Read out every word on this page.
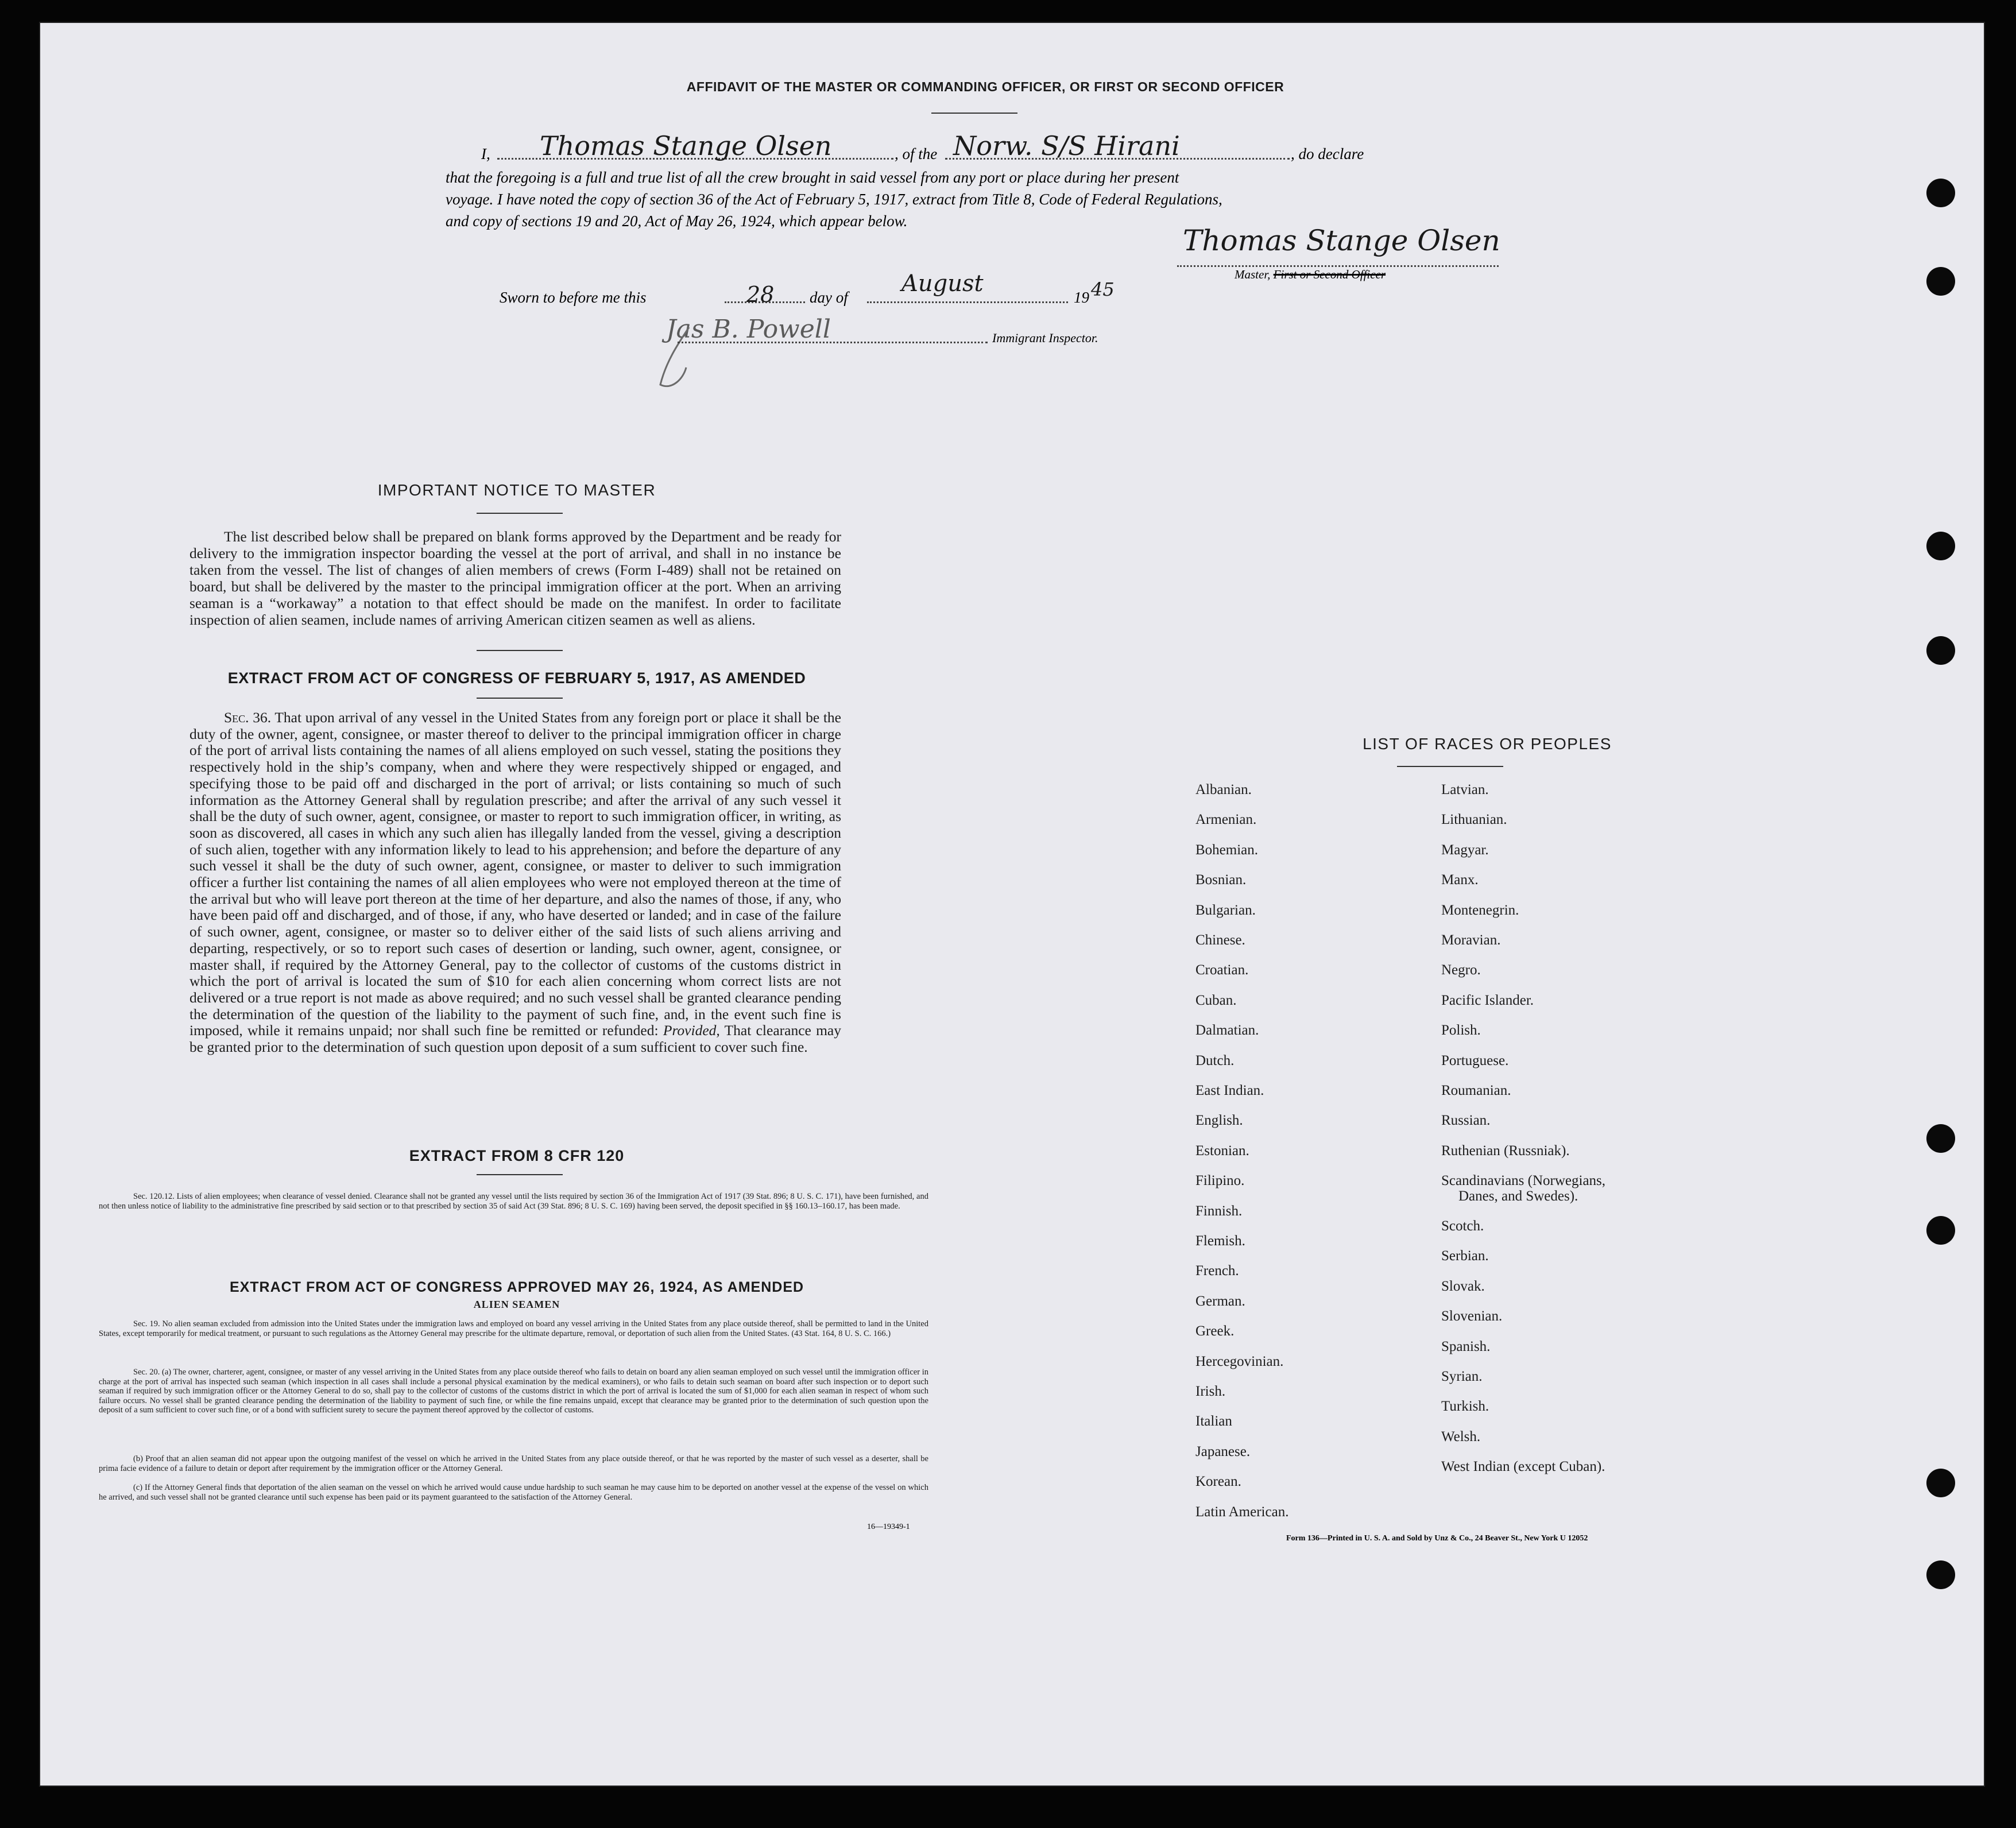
AFFIDAVIT OF THE MASTER OR COMMANDING OFFICER, OR FIRST OR SECOND OFFICER
I, Thomas Stange Olsen	, of the Norw. S/S Hirani	, do declare
that the foregoing is a full and true list of all the crew brought in said vessel from any port or place during her present
voyage. I have noted the copy of section 36 of the Act of February 5, 1917, extract from Title 8, Code of Federal Regulations,
and copy of sections 19 and 20, Act of May 26, 1924, which appear below.
Thomas Stange Olsen
Master, First or Second Officer
Sworn to before me this	28 day of
August
19 45
Jas B. Powell	Immigrant Inspector.
IMPORTANT NOTICE TO MASTER
The list described below shall be prepared on blank forms approved by the Department and be ready for delivery to the immigration inspector boarding the vessel at the port of arrival, and shall in no instance be taken from the vessel. The list of changes of alien members of crews (Form I-489) shall not be retained on board, but shall be delivered by the master to the principal immigration officer at the port. When an arriving seaman is a “workaway” a notation to that effect should be made on the manifest. In order to facilitate inspection of alien seamen, include names of arriving American citizen seamen as well as aliens.
EXTRACT FROM ACT OF CONGRESS OF FEBRUARY 5, 1917, AS AMENDED
Sec. 36. That upon arrival of any vessel in the United States from any foreign port or place it shall be the duty of the owner, agent, consignee, or master thereof to deliver to the principal immigration officer in charge of the port of arrival lists containing the names of all aliens employed on such vessel, stating the positions they respectively hold in the ship’s company, when and where they were respectively shipped or engaged, and specifying those to be paid off and discharged in the port of arrival; or lists containing so much of such information as the Attorney General shall by regulation prescribe; and after the arrival of any such vessel it shall be the duty of such owner, agent, consignee, or master to report to such immigration officer, in writing, as soon as discovered, all cases in which any such alien has illegally landed from the vessel, giving a description of such alien, together with any information likely to lead to his apprehension; and before the departure of any such vessel it shall be the duty of such owner, agent, consignee, or master to deliver to such immigration officer a further list containing the names of all alien employees who were not employed thereon at the time of the arrival but who will leave port thereon at the time of her departure, and also the names of those, if any, who have been paid off and discharged, and of those, if any, who have deserted or landed; and in case of the failure of such owner, agent, consignee, or master so to deliver either of the said lists of such aliens arriving and departing, respectively, or so to report such cases of desertion or landing, such owner, agent, consignee, or master shall, if required by the Attorney General, pay to the collector of customs of the customs district in which the port of arrival is located the sum of $10 for each alien concerning whom correct lists are not delivered or a true report is not made as above required; and no such vessel shall be granted clearance pending the determination of the question of the liability to the payment of such fine, and, in the event such fine is imposed, while it remains unpaid; nor shall such fine be remitted or refunded: Provided, That clearance may be granted prior to the determination of such question upon deposit of a sum sufficient to cover such fine.
EXTRACT FROM 8 CFR 120
Sec. 120.12. Lists of alien employees; when clearance of vessel denied. Clearance shall not be granted any vessel until the lists required by section 36 of the Immigration Act of 1917 (39 Stat. 896; 8 U. S. C. 171), have been furnished, and not then unless notice of liability to the administrative fine prescribed by said section or to that prescribed by section 35 of said Act (39 Stat. 896; 8 U. S. C. 169) having been served, the deposit specified in §§ 160.13–160.17, has been made.
EXTRACT FROM ACT OF CONGRESS APPROVED MAY 26, 1924, AS AMENDED
ALIEN SEAMEN
Sec. 19. No alien seaman excluded from admission into the United States under the immigration laws and employed on board any vessel arriving in the United States from any place outside thereof, shall be permitted to land in the United States, except temporarily for medical treatment, or pursuant to such regulations as the Attorney General may prescribe for the ultimate departure, removal, or deportation of such alien from the United States. (43 Stat. 164, 8 U. S. C. 166.)
Sec. 20. (a) The owner, charterer, agent, consignee, or master of any vessel arriving in the United States from any place outside thereof who fails to detain on board any alien seaman employed on such vessel until the immigration officer in charge at the port of arrival has inspected such seaman (which inspection in all cases shall include a personal physical examination by the medical examiners), or who fails to detain such seaman on board after such inspection or to deport such seaman if required by such immigration officer or the Attorney General to do so, shall pay to the collector of customs of the customs district in which the port of arrival is located the sum of $1,000 for each alien seaman in respect of whom such failure occurs. No vessel shall be granted clearance pending the determination of the liability to payment of such fine, or while the fine remains unpaid, except that clearance may be granted prior to the determination of such question upon the deposit of a sum sufficient to cover such fine, or of a bond with sufficient surety to secure the payment thereof approved by the collector of customs.
(b) Proof that an alien seaman did not appear upon the outgoing manifest of the vessel on which he arrived in the United States from any place outside thereof, or that he was reported by the master of such vessel as a deserter, shall be prima facie evidence of a failure to detain or deport after requirement by the immigration officer or the Attorney General.
(c) If the Attorney General finds that deportation of the alien seaman on the vessel on which he arrived would cause undue hardship to such seaman he may cause him to be deported on another vessel at the expense of the vessel on which he arrived, and such vessel shall not be granted clearance until such expense has been paid or its payment guaranteed to the satisfaction of the Attorney General.
16—19349-1
LIST OF RACES OR PEOPLES
Albanian.
Armenian.
Bohemian.
Bosnian.
Bulgarian.
Chinese.
Croatian.
Cuban.
Dalmatian.
Dutch.
East Indian.
English.
Estonian.
Filipino.
Finnish.
Flemish.
French.
German.
Greek.
Hercegovinian.
Irish.
Italian
Japanese.
Korean.
Latin American.
Latvian.
Lithuanian.
Magyar.
Manx.
Montenegrin.
Moravian.
Negro.
Pacific Islander.
Polish.
Portuguese.
Roumanian.
Russian.
Ruthenian (Russniak).
Scandinavians (Norwegians,
Danes, and Swedes).
Scotch.
Serbian.
Slovak.
Slovenian.
Spanish.
Syrian.
Turkish.
Welsh.
West Indian (except Cuban).
Form 136—Printed in U. S. A. and Sold by Unz & Co., 24 Beaver St., New York U 12052
